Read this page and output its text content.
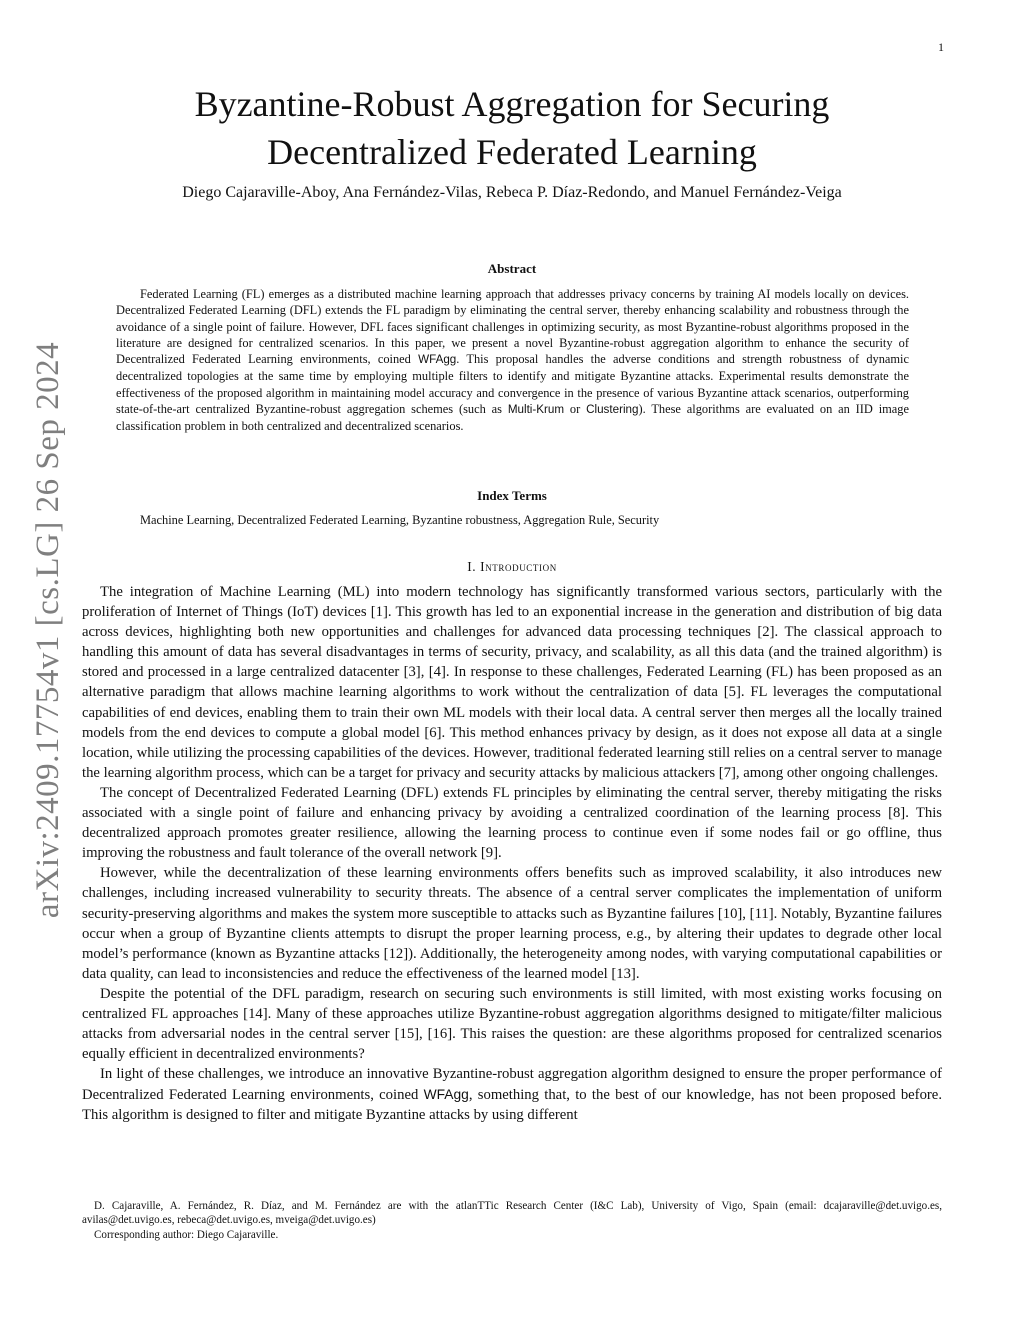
1
arXiv:2409.17754v1 [cs.LG] 26 Sep 2024
Byzantine-Robust Aggregation for Securing
Decentralized Federated Learning
Diego Cajaraville-Aboy, Ana Fernández-Vilas, Rebeca P. Díaz-Redondo, and Manuel Fernández-Veiga
Abstract

Federated Learning (FL) emerges as a distributed machine learning approach that addresses privacy concerns by training AI models locally on devices. Decentralized Federated Learning (DFL) extends the FL paradigm by eliminating the central server, thereby enhancing scalability and robustness through the avoidance of a single point of failure. However, DFL faces significant challenges in optimizing security, as most Byzantine-robust algorithms proposed in the literature are designed for centralized scenarios. In this paper, we present a novel Byzantine-robust aggregation algorithm to enhance the security of Decentralized Federated Learning environments, coined WFAgg. This proposal handles the adverse conditions and strength robustness of dynamic decentralized topologies at the same time by employing multiple filters to identify and mitigate Byzantine attacks. Experimental results demonstrate the effectiveness of the proposed algorithm in maintaining model accuracy and convergence in the presence of various Byzantine attack scenarios, outperforming state-of-the-art centralized Byzantine-robust aggregation schemes (such as Multi-Krum or Clustering). These algorithms are evaluated on an IID image classification problem in both centralized and decentralized scenarios.

Index Terms
Machine Learning, Decentralized Federated Learning, Byzantine robustness, Aggregation Rule, Security
I. Introduction

The integration of Machine Learning (ML) into modern technology has significantly transformed various sectors, particularly with the proliferation of Internet of Things (IoT) devices [1]. This growth has led to an exponential increase in the generation and distribution of big data across devices, highlighting both new opportunities and challenges for advanced data processing techniques [2]. The classical approach to handling this amount of data has several disadvantages in terms of security, privacy, and scalability, as all this data (and the trained algorithm) is stored and processed in a large centralized datacenter [3], [4]. In response to these challenges, Federated Learning (FL) has been proposed as an alternative paradigm that allows machine learning algorithms to work without the centralization of data [5]. FL leverages the computational capabilities of end devices, enabling them to train their own ML models with their local data. A central server then merges all the locally trained models from the end devices to compute a global model [6]. This method enhances privacy by design, as it does not expose all data at a single location, while utilizing the processing capabilities of the devices. However, traditional federated learning still relies on a central server to manage the learning algorithm process, which can be a target for privacy and security attacks by malicious attackers [7], among other ongoing challenges.

The concept of Decentralized Federated Learning (DFL) extends FL principles by eliminating the central server, thereby mitigating the risks associated with a single point of failure and enhancing privacy by avoiding a centralized coordination of the learning process [8]. This decentralized approach promotes greater resilience, allowing the learning process to continue even if some nodes fail or go offline, thus improving the robustness and fault tolerance of the overall network [9].

However, while the decentralization of these learning environments offers benefits such as improved scalability, it also introduces new challenges, including increased vulnerability to security threats. The absence of a central server complicates the implementation of uniform security-preserving algorithms and makes the system more susceptible to attacks such as Byzantine failures [10], [11]. Notably, Byzantine failures occur when a group of Byzantine clients attempts to disrupt the proper learning process, e.g., by altering their updates to degrade other local model’s performance (known as Byzantine attacks [12]). Additionally, the heterogeneity among nodes, with varying computational capabilities or data quality, can lead to inconsistencies and reduce the effectiveness of the learned model [13].

Despite the potential of the DFL paradigm, research on securing such environments is still limited, with most existing works focusing on centralized FL approaches [14]. Many of these approaches utilize Byzantine-robust aggregation algorithms designed to mitigate/filter malicious attacks from adversarial nodes in the central server [15], [16]. This raises the question: are these algorithms proposed for centralized scenarios equally efficient in decentralized environments?

In light of these challenges, we introduce an innovative Byzantine-robust aggregation algorithm designed to ensure the proper performance of Decentralized Federated Learning environments, coined WFAgg, something that, to the best of our knowledge, has not been proposed before. This algorithm is designed to filter and mitigate Byzantine attacks by using different

D. Cajaraville, A. Fernández, R. Díaz, and M. Fernández are with the atlanTTic Research Center (I&C Lab), University of Vigo, Spain (email: dcajaraville@det.uvigo.es, avilas@det.uvigo.es, rebeca@det.uvigo.es, mveiga@det.uvigo.es)

Corresponding author: Diego Cajaraville.
